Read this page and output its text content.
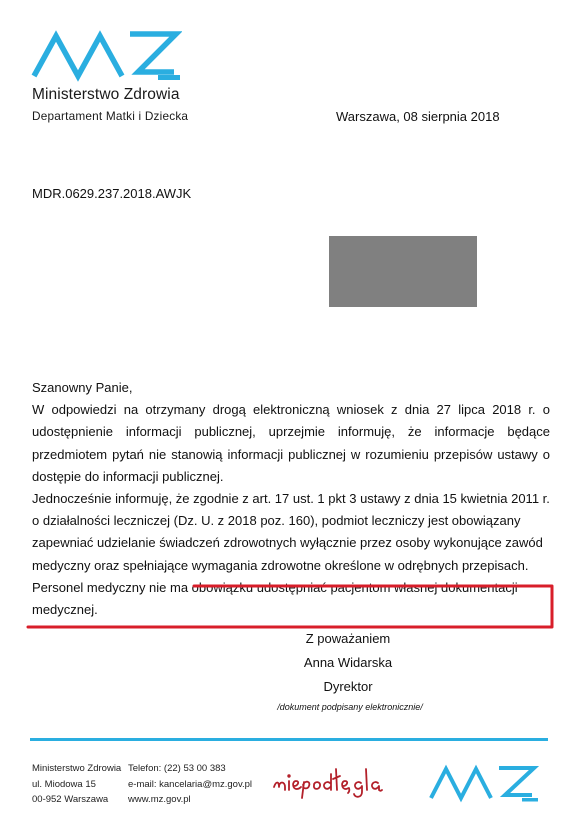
Ministerstwo Zdrowia
Departament Matki i Dziecka	Warszawa, 08 sierpnia 2018
MDR.0629.237.2018.AWJK

Szanowny Panie,

W odpowiedzi na otrzymany drogą elektroniczną wniosek z dnia 27 lipca 2018 r. o udostępnienie informacji publicznej, uprzejmie informuję, że informacje będące przedmiotem pytań nie stanowią informacji publicznej w rozumieniu przepisów ustawy o dostępie do informacji publicznej.

Jednocześnie informuję, że zgodnie z art. 17 ust. 1 pkt 3 ustawy z dnia 15 kwietnia 2011 r. o działalności leczniczej (Dz. U. z 2018 poz. 160), podmiot leczniczy jest obowiązany zapewniać udzielanie świadczeń zdrowotnych wyłącznie przez osoby wykonujące zawód medyczny oraz spełniające wymagania zdrowotne określone w odrębnych przepisach. Personel medyczny nie ma obowiązku udostępniać pacjentom własnej dokumentacji medycznej.

Z poważaniem
Anna Widarska
Dyrektor
/dokument podpisany elektronicznie/
Ministerstwo Zdrowia
ul. Miodowa 15
00-952 Warszawa
Telefon: (22) 53 00 383
e-mail: kancelaria@mz.gov.pl
www.mz.gov.pl
